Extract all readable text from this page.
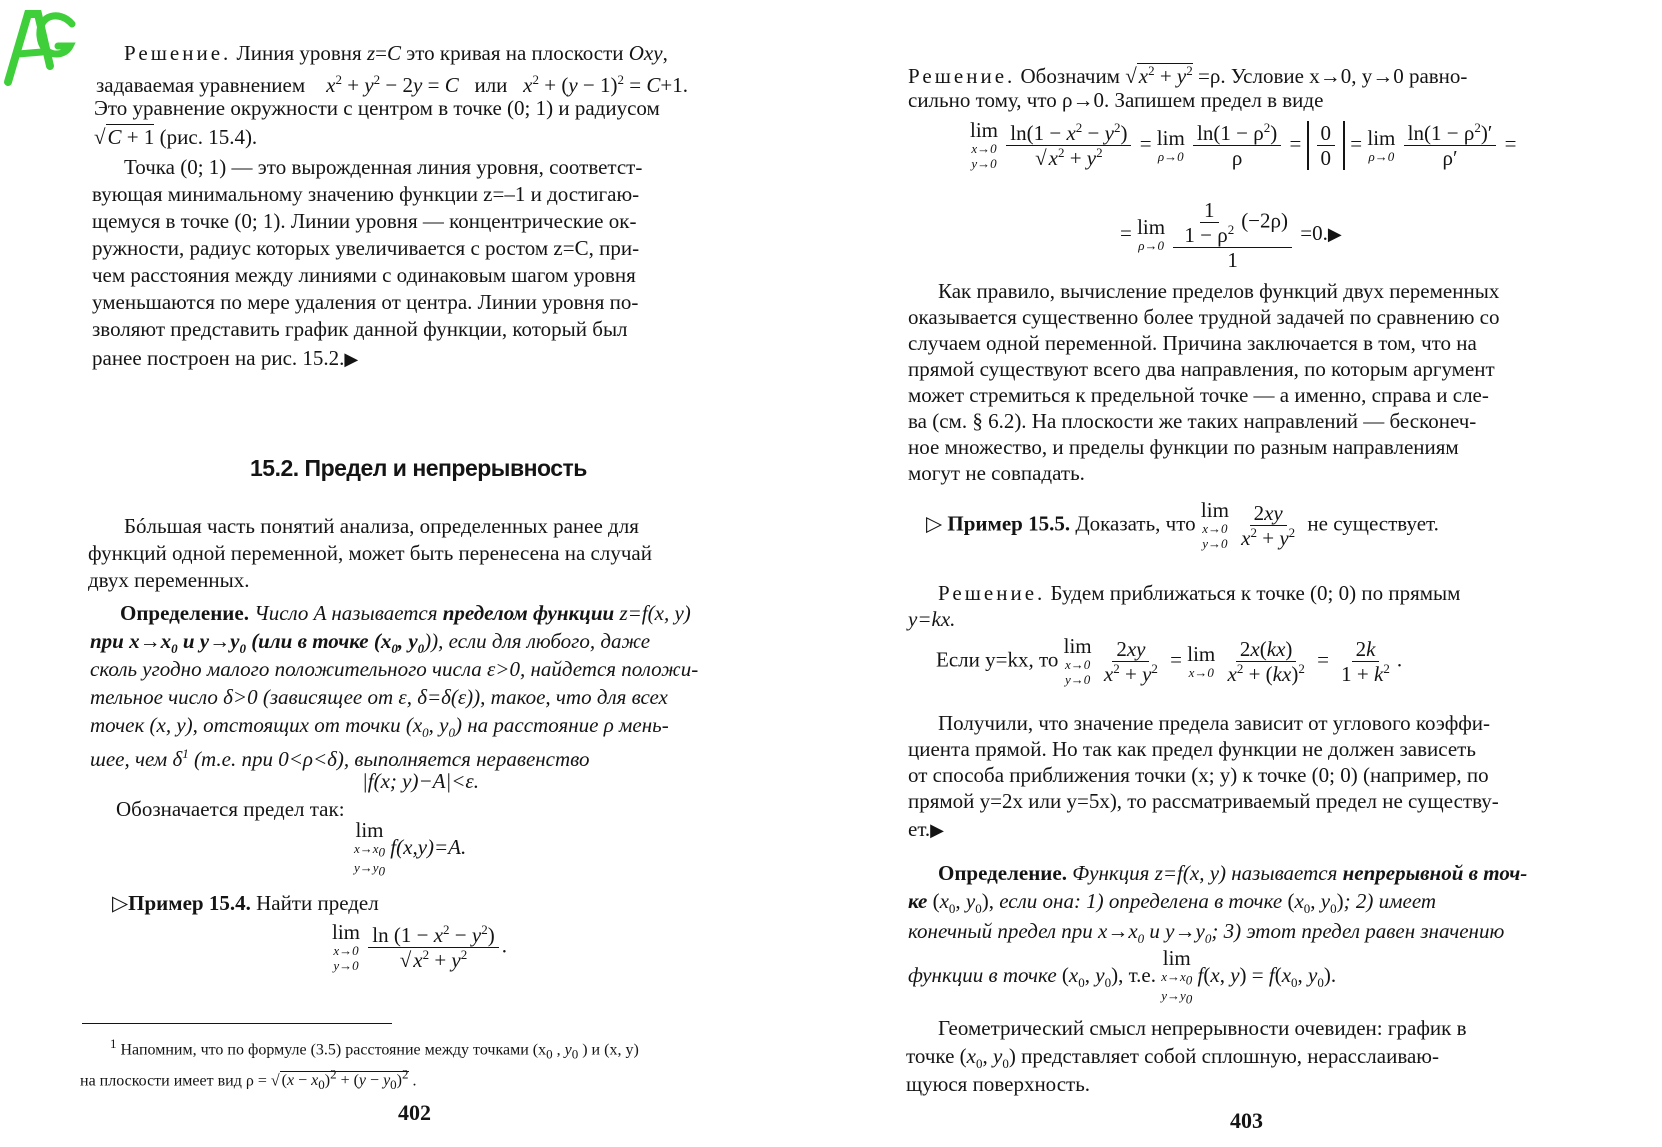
Решение. Линия уровня z=C это кривая на плоскости Oxy,

задаваемая уравнением $x^2 + y^2 - 2y = C$ или $x^2 + (y - 1)^2 = C+1$.

Это уравнение окружности с центром в точке (0; 1) и радиусом

√C + 1 (рис. 15.4).

Точка (0; 1) — это вырожденная линия уровня, соответст-

вующая минимальному значению функции z=–1 и достигаю-

щемуся в точке (0; 1). Линии уровня — концентрические ок-

ружности, радиус которых увеличивается с ростом z=C, при-

чем расстояния между линиями с одинаковым шагом уровня

уменьшаются по мере удаления от центра. Линии уровня по-

зволяют представить график данной функции, который был

ранее построен на рис. 15.2.▶

15.2. Предел и непрерывность

Бóльшая часть понятий анализа, определенных ранее для

функций одной переменной, может быть перенесена на случай

двух переменных.

Определение. Число A называется пределом функции z=f(x, y)

при $x\to x_0$ и $y\to y_0$ (или в точке ($x_0$, $y_0$)), если для любого, даже

сколь угодно малого положительного числа ε>0, найдется положи-

тельное число δ>0 (зависящее от ε, δ=δ(ε)), такое, что для всех

точек (x, y), отстоящих от точки ($x_0$, $y_0$) на расстояние ρ мень-

шее, чем $\delta^1$ (т.е. при 0<ρ<δ), выполняется неравенство

|f(x; y)−A|<ε.

Обозначается предел так:

lim
$x\to x_0$
$y\to y_0$
f(x,y)=A.

▷Пример 15.4. Найти предел

lim
x→0
y→0
$\frac{\ln (1 - x^2 - y^2)}{√x^2 + y^2}$ .
$^1$ Напомним, что по формуле (3.5) расстояние между точками ($x_0$ , $y_0$ ) и (x, y)
на плоскости имеет вид ρ = √ $(x - x_0)^2 + (y - y_0)^2$ .
402

Решение. Обозначим $√x^2 + y^2 =\rho$. Условие x→0, y→0 равно-

сильно тому, что ρ→0. Запишем предел в виде

lim
x→0
y→0
$\frac{\ln(1 - x^2 - y^2)}{√x^2 + y^2} = \lim$
ρ→0
$\frac{\ln(1 - \rho^2)}{\rho} = \frac{0}{0} = \lim$
ρ→0
$\frac{\ln(1 - \rho^2)'}{\rho'}$ =
= lim
ρ→0
$\frac{\frac{1}{1 - \rho^2} (-2\rho)}{1}$ =0.▶

Как правило, вычисление пределов функций двух переменных

оказывается существенно более трудной задачей по сравнению со

случаем одной переменной. Причина заключается в том, что на

прямой существуют всего два направления, по которым аргумент

может стремиться к предельной точке — а именно, справа и сле-

ва (см. § 6.2). На плоскости же таких направлений — бесконеч-

ное множество, и пределы функции по разным направлениям

могут не совпадать.

▷ Пример 15.5. Доказать, что
lim
x→0
y→0
$\frac{2xy}{x^2 + y^2}$ не существует.

Решение. Будем приближаться к точке (0; 0) по прямым

y=kx.

Если y=kx, то
lim
x→0
y→0
$\frac{2xy}{x^2 + y^2} = \lim$
x→0
$\frac{2x(kx)}{x^2 + (kx)^2} = \frac{2k}{1 + k^2}$ .

Получили, что значение предела зависит от углового коэффи-

циента прямой. Но так как предел функции не должен зависеть

от способа приближения точки (x; y) к точке (0; 0) (например, по

прямой y=2x или y=5x), то рассматриваемый предел не существу-

ет.▶

Определение. Функция z=f(x, y) называется непрерывной в точ-

ке ($x_0$, $y_0$), если она: 1) определена в точке ($x_0$, $y_0$); 2) имеет

конечный предел при $x\to x_0$ и $y\to y_0$; 3) этот предел равен значению

функции в точке ($x_0$, $y_0$), т.е.
lim
$x\to x_0$
$y\to y_0$
f(x, $y) = f(x_0$, $y_0$).

Геометрический смысл непрерывности очевиден: график в

точке ($x_0$, $y_0$) представляет собой сплошную, нерасслаиваю-

щуюся поверхность.

403
